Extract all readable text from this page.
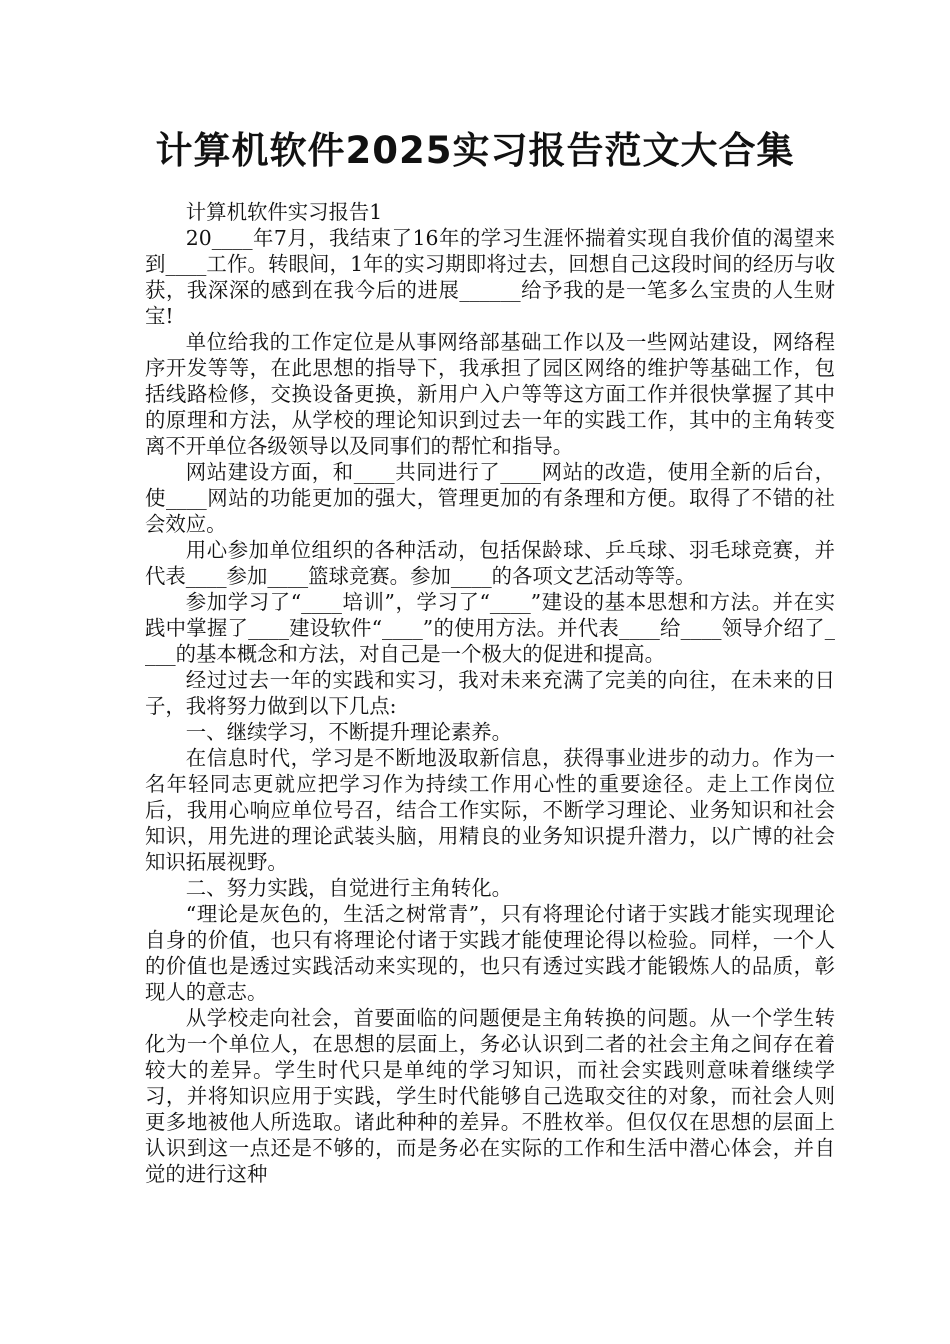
计算机软件2025实习报告范文大合集

计算机软件实习报告1

20____年7月，我结束了16年的学习生涯怀揣着实现自我价值的渴望来到____工作。转眼间，1年的实习期即将过去，回想自己这段时间的经历与收获，我深深的感到在我今后的进展______给予我的是一笔多么宝贵的人生财宝!

单位给我的工作定位是从事网络部基础工作以及一些网站建设，网络程序开发等等，在此思想的指导下，我承担了园区网络的维护等基础工作，包括线路检修，交换设备更换，新用户入户等等这方面工作并很快掌握了其中的原理和方法，从学校的理论知识到过去一年的实践工作，其中的主角转变离不开单位各级领导以及同事们的帮忙和指导。

网站建设方面，和____共同进行了____网站的改造，使用全新的后台，使____网站的功能更加的强大，管理更加的有条理和方便。取得了不错的社会效应。

用心参加单位组织的各种活动，包括保龄球、乒乓球、羽毛球竞赛，并代表____参加____篮球竞赛。参加____的各项文艺活动等等。

参加学习了“____培训”，学习了“____”建设的基本思想和方法。并在实践中掌握了____建设软件“____”的使用方法。并代表____给____领导介绍了____的基本概念和方法，对自己是一个极大的促进和提高。

经过过去一年的实践和实习，我对未来充满了完美的向往，在未来的日子，我将努力做到以下几点:

一、继续学习，不断提升理论素养。

在信息时代，学习是不断地汲取新信息，获得事业进步的动力。作为一名年轻同志更就应把学习作为持续工作用心性的重要途径。走上工作岗位后，我用心响应单位号召，结合工作实际，不断学习理论、业务知识和社会知识，用先进的理论武装头脑，用精良的业务知识提升潜力，以广博的社会知识拓展视野。

二、努力实践，自觉进行主角转化。

“理论是灰色的，生活之树常青”，只有将理论付诸于实践才能实现理论自身的价值，也只有将理论付诸于实践才能使理论得以检验。同样，一个人的价值也是透过实践活动来实现的，也只有透过实践才能锻炼人的品质，彰现人的意志。

从学校走向社会，首要面临的问题便是主角转换的问题。从一个学生转化为一个单位人，在思想的层面上，务必认识到二者的社会主角之间存在着较大的差异。学生时代只是单纯的学习知识，而社会实践则意味着继续学习，并将知识应用于实践，学生时代能够自己选取交往的对象，而社会人则更多地被他人所选取。诸此种种的差异。不胜枚举。但仅仅在思想的层面上认识到这一点还是不够的，而是务必在实际的工作和生活中潜心体会，并自觉的进行这种
